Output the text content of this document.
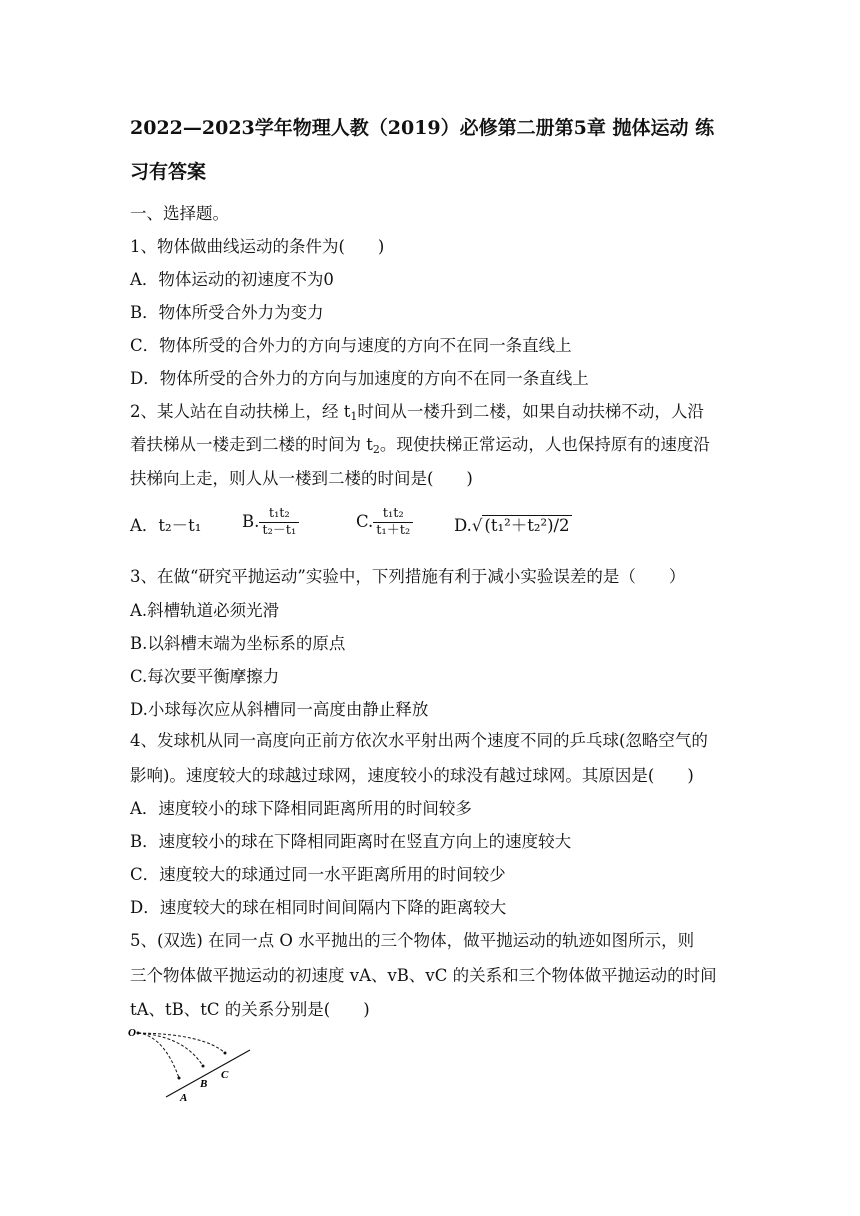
2022—2023学年物理人教（2019）必修第二册第5章 抛体运动 练
习有答案
一、选择题。
1、物体做曲线运动的条件为(　　)
A．物体运动的初速度不为0
B．物体所受合外力为变力
C．物体所受的合外力的方向与速度的方向不在同一条直线上
D．物体所受的合外力的方向与加速度的方向不在同一条直线上
2、某人站在自动扶梯上，经 $t_1$时间从一楼升到二楼，如果自动扶梯不动，人沿
着扶梯从一楼走到二楼的时间为 $t_2$。现使扶梯正常运动，人也保持原有的速度沿
扶梯向上走，则人从一楼到二楼的时间是(　　)
A．t₂－t₁ B. $\frac{\text{t₁t₂}}{\text{t₂－t₁}}$	C. $\frac{\text{t₁t₂}}{\text{t₁＋t₂}} D.√$ (t₁²＋t₂²)/2
3、在做“研究平抛运动”实验中，下列措施有利于减小实验误差的是（　　）
A.斜槽轨道必须光滑
B.以斜槽末端为坐标系的原点
C.每次要平衡摩擦力
D.小球每次应从斜槽同一高度由静止释放
4、发球机从同一高度向正前方依次水平射出两个速度不同的乒乓球(忽略空气的
影响)。速度较大的球越过球网，速度较小的球没有越过球网。其原因是(　　)
A．速度较小的球下降相同距离所用的时间较多
B．速度较小的球在下降相同距离时在竖直方向上的速度较大
C．速度较大的球通过同一水平距离所用的时间较少
D．速度较大的球在相同时间间隔内下降的距离较大
5、(双选) 在同一点 O 水平抛出的三个物体，做平抛运动的轨迹如图所示，则
三个物体做平抛运动的初速度 vA、vB、vC 的关系和三个物体做平抛运动的时间
tA、tB、tC 的关系分别是(　　)
O
A
B
C
